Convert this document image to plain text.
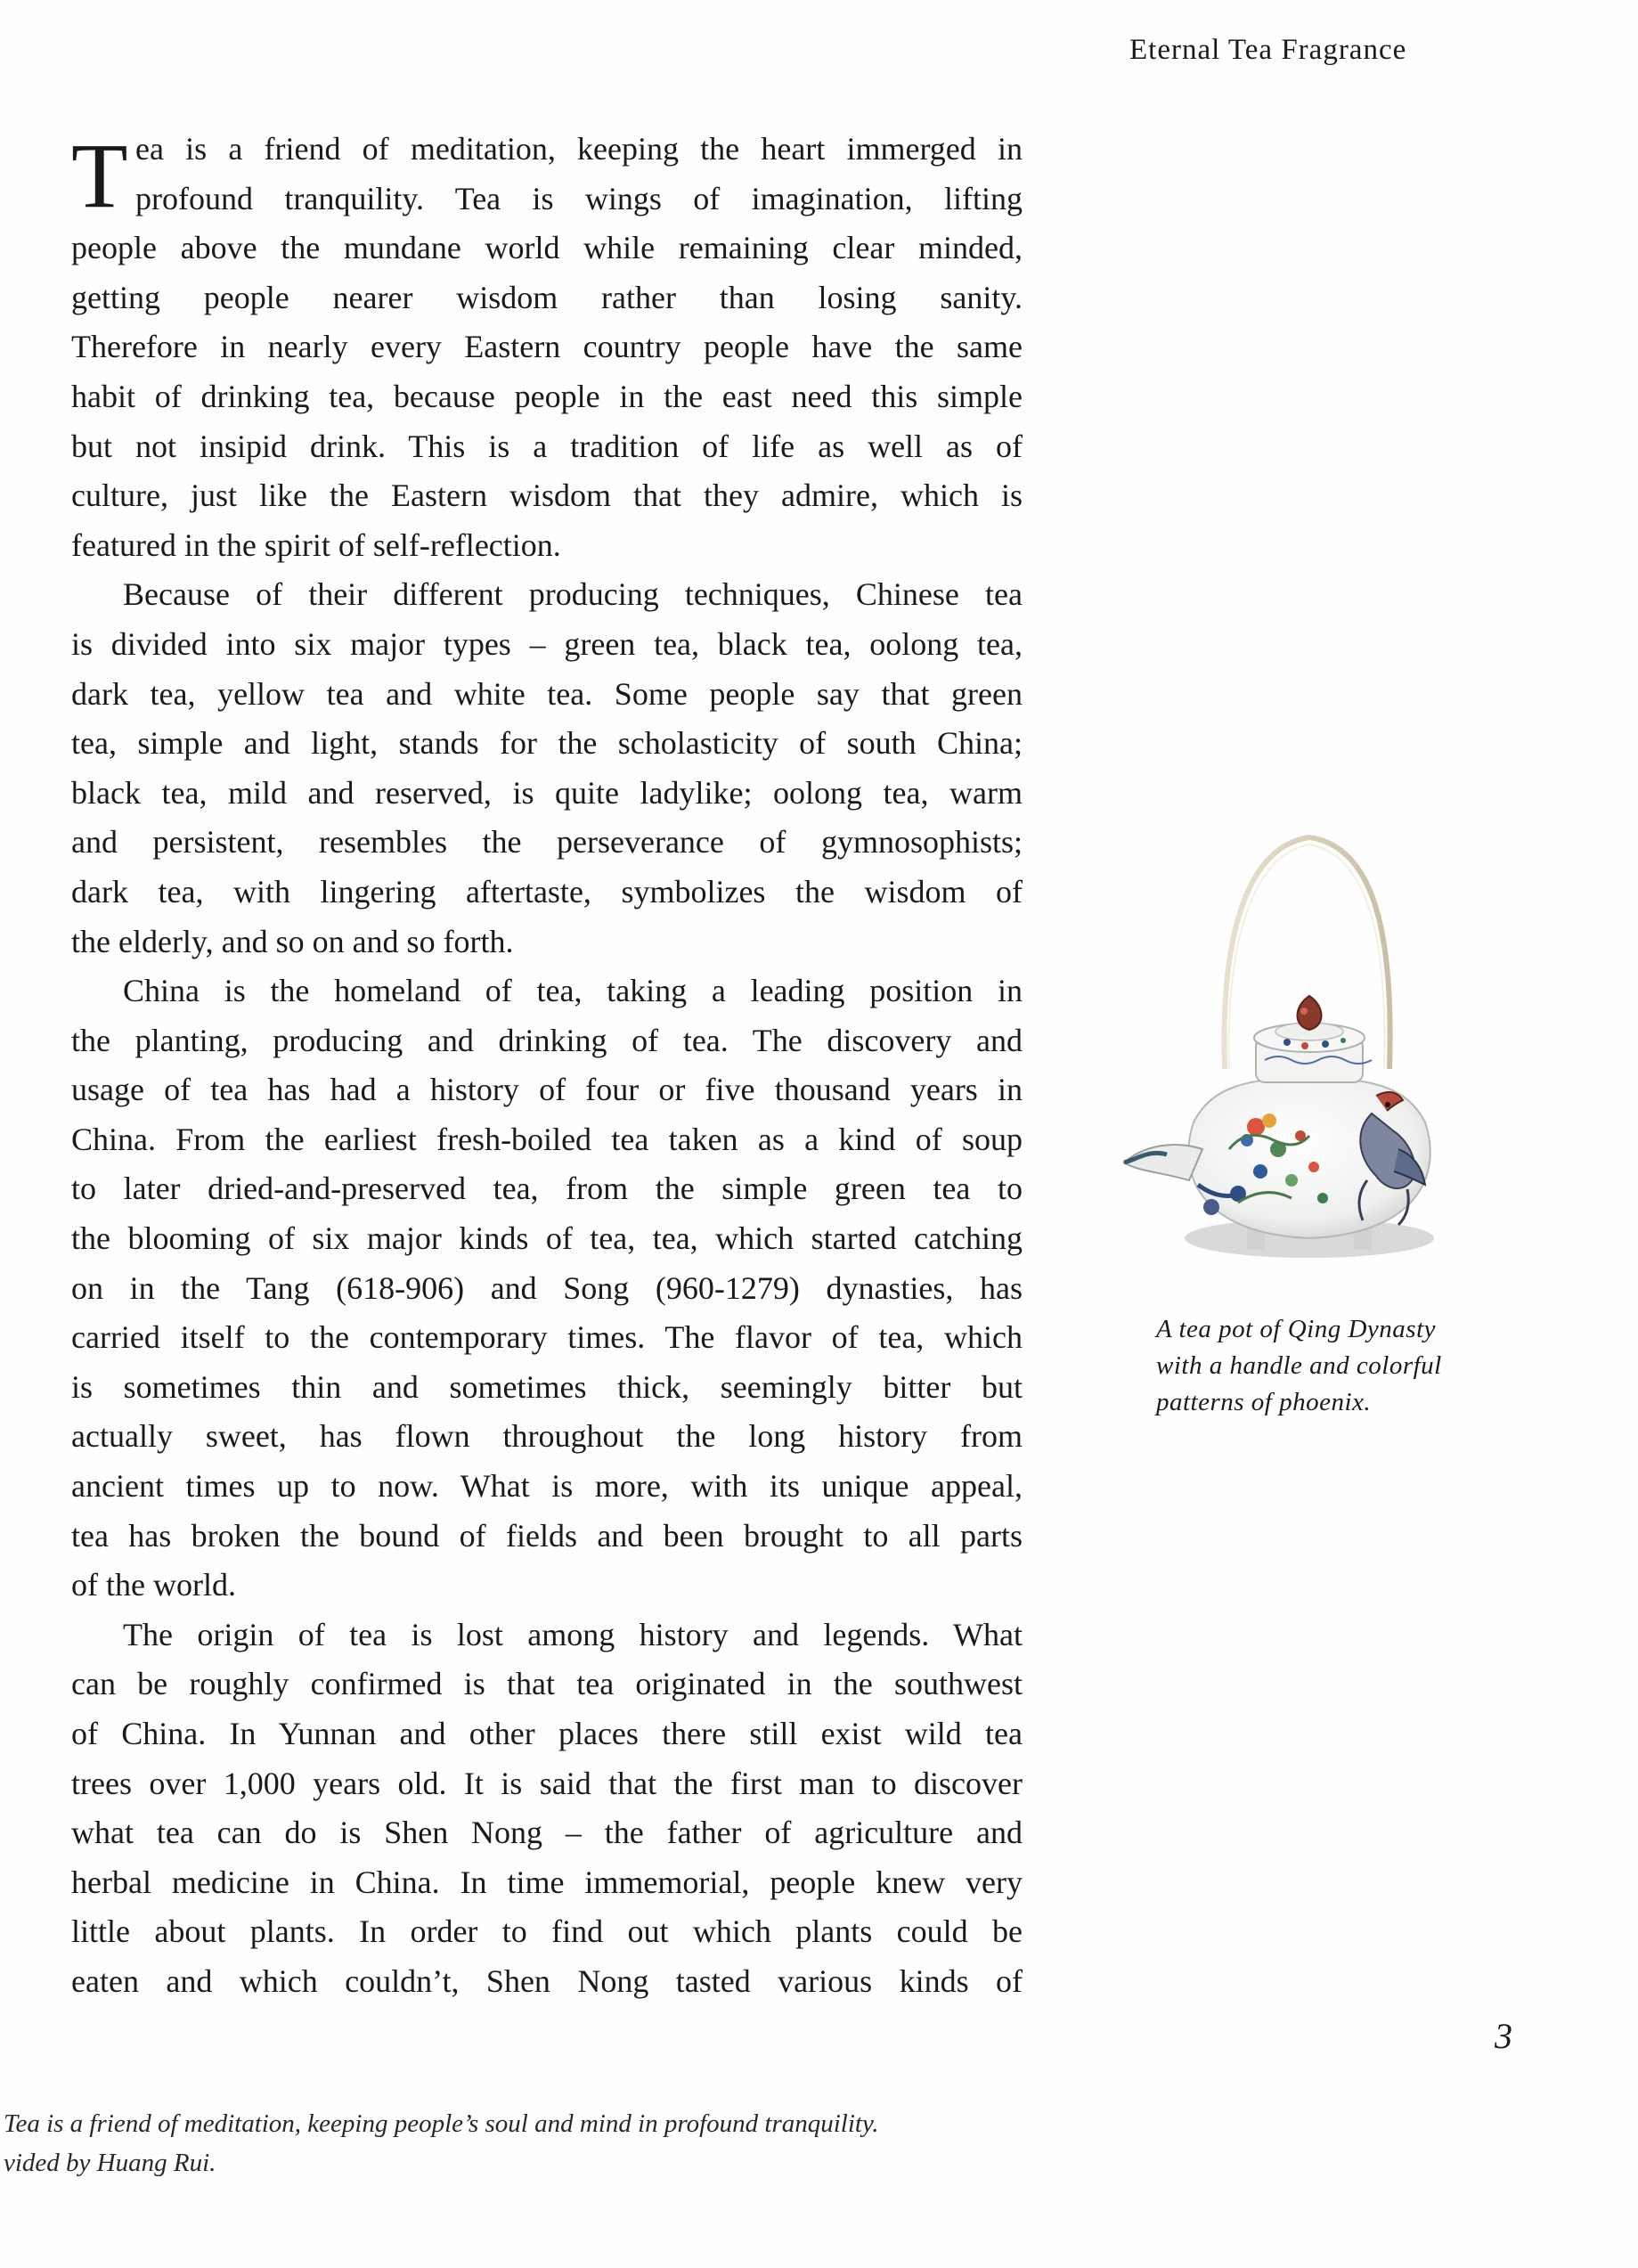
Eternal Tea Fragrance
T ea is a friend of meditation, keeping the heart immerged in
profound tranquility. Tea is wings of imagination, lifting
people above the mundane world while remaining clear minded,
getting people nearer wisdom rather than losing sanity.
Therefore in nearly every Eastern country people have the same
habit of drinking tea, because people in the east need this simple
but not insipid drink. This is a tradition of life as well as of
culture, just like the Eastern wisdom that they admire, which is
featured in the spirit of self-reflection.
Because of their different producing techniques, Chinese tea
is divided into six major types – green tea, black tea, oolong tea,
dark tea, yellow tea and white tea. Some people say that green
tea, simple and light, stands for the scholasticity of south China;
black tea, mild and reserved, is quite ladylike; oolong tea, warm
and persistent, resembles the perseverance of gymnosophists;
dark tea, with lingering aftertaste, symbolizes the wisdom of
the elderly, and so on and so forth.
China is the homeland of tea, taking a leading position in
the planting, producing and drinking of tea. The discovery and
usage of tea has had a history of four or five thousand years in
China. From the earliest fresh-boiled tea taken as a kind of soup
to later dried-and-preserved tea, from the simple green tea to
the blooming of six major kinds of tea, tea, which started catching
on in the Tang (618-906) and Song (960-1279) dynasties, has
carried itself to the contemporary times. The flavor of tea, which
is sometimes thin and sometimes thick, seemingly bitter but
actually sweet, has flown throughout the long history from
ancient times up to now. What is more, with its unique appeal,
tea has broken the bound of fields and been brought to all parts
of the world.
The origin of tea is lost among history and legends. What
can be roughly confirmed is that tea originated in the southwest
of China. In Yunnan and other places there still exist wild tea
trees over 1,000 years old. It is said that the first man to discover
what tea can do is Shen Nong – the father of agriculture and
herbal medicine in China. In time immemorial, people knew very
little about plants. In order to find out which plants could be
eaten and which couldn’t, Shen Nong tasted various kinds of
A tea pot of Qing Dynasty
with a handle and colorful
patterns of phoenix.
3
Tea is a friend of meditation, keeping people’s soul and mind in profound tranquility.
vided by Huang Rui.
